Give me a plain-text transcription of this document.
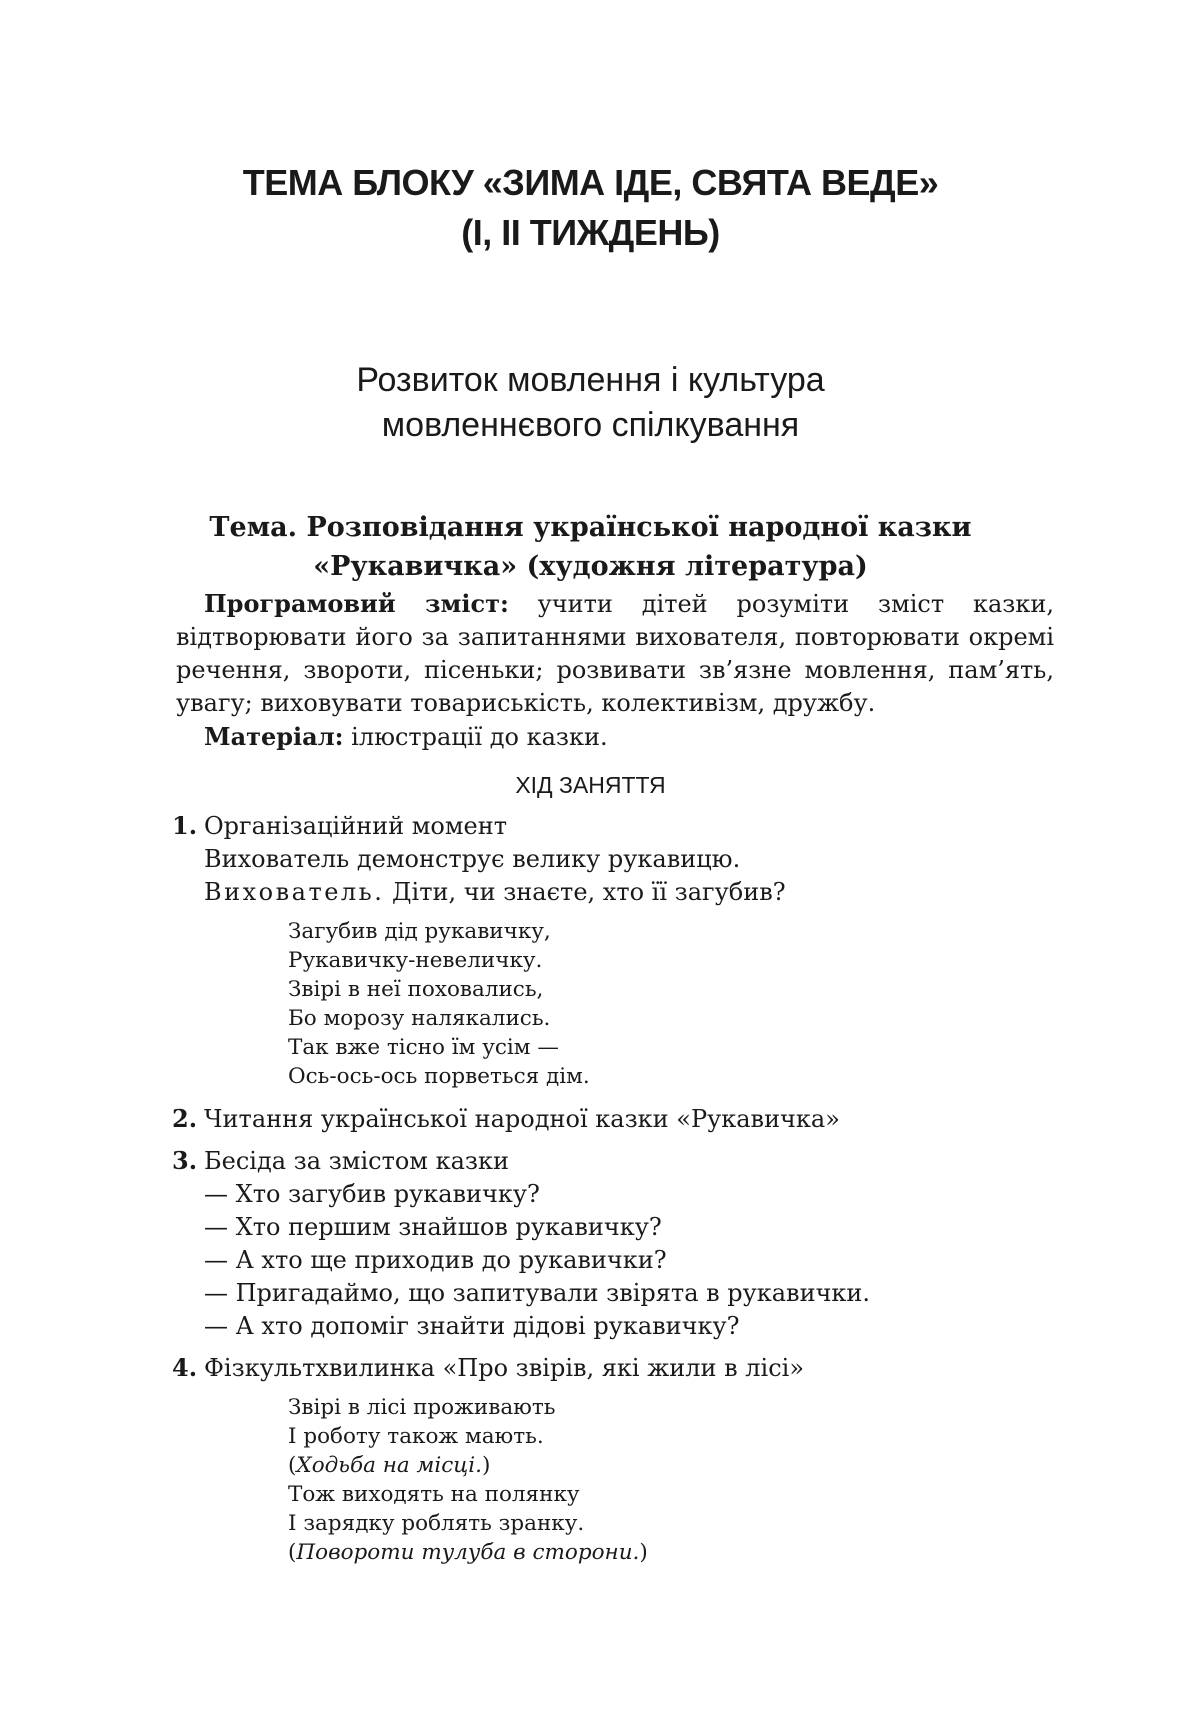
ТЕМА БЛОКУ «ЗИМА ІДЕ, СВЯТА ВЕДЕ»
(І, ІІ ТИЖДЕНЬ)
Розвиток мовлення і культура
мовленнєвого спілкування
Тема. Розповідання української народної казки
«Рукавичка» (художня література)

Програмовий зміст: учити дітей розуміти зміст казки, відтворювати його за запитаннями вихователя, повторювати окремі речення, звороти, пісеньки; розвивати зв’язне мовлення, пам’ять, увагу; виховувати товариськість, колективізм, дружбу.

Матеріал: ілюстрації до казки.

ХІД ЗАНЯТТЯ
1. Організаційний момент
Вихователь демонструє велику рукавицю.
Вихователь. Діти, чи знаєте, хто її загубив?
Загубив дід рукавичку,
Рукавичку-невеличку.
Звірі в неї поховались,
Бо морозу налякались.
Так вже тісно їм усім —
Ось-ось-ось порветься дім.
2. Читання української народної казки «Рукавичка»
3. Бесіда за змістом казки
— Хто загубив рукавичку?
— Хто першим знайшов рукавичку?
— А хто ще приходив до рукавички?
— Пригадаймо, що запитували звірята в рукавички.
— А хто допоміг знайти дідові рукавичку?
4. Фізкультхвилинка «Про звірів, які жили в лісі»
Звірі в лісі проживають
І роботу також мають.
(Ходьба на місці.)
Тож виходять на полянку
І зарядку роблять зранку.
(Повороти тулуба в сторони.)
